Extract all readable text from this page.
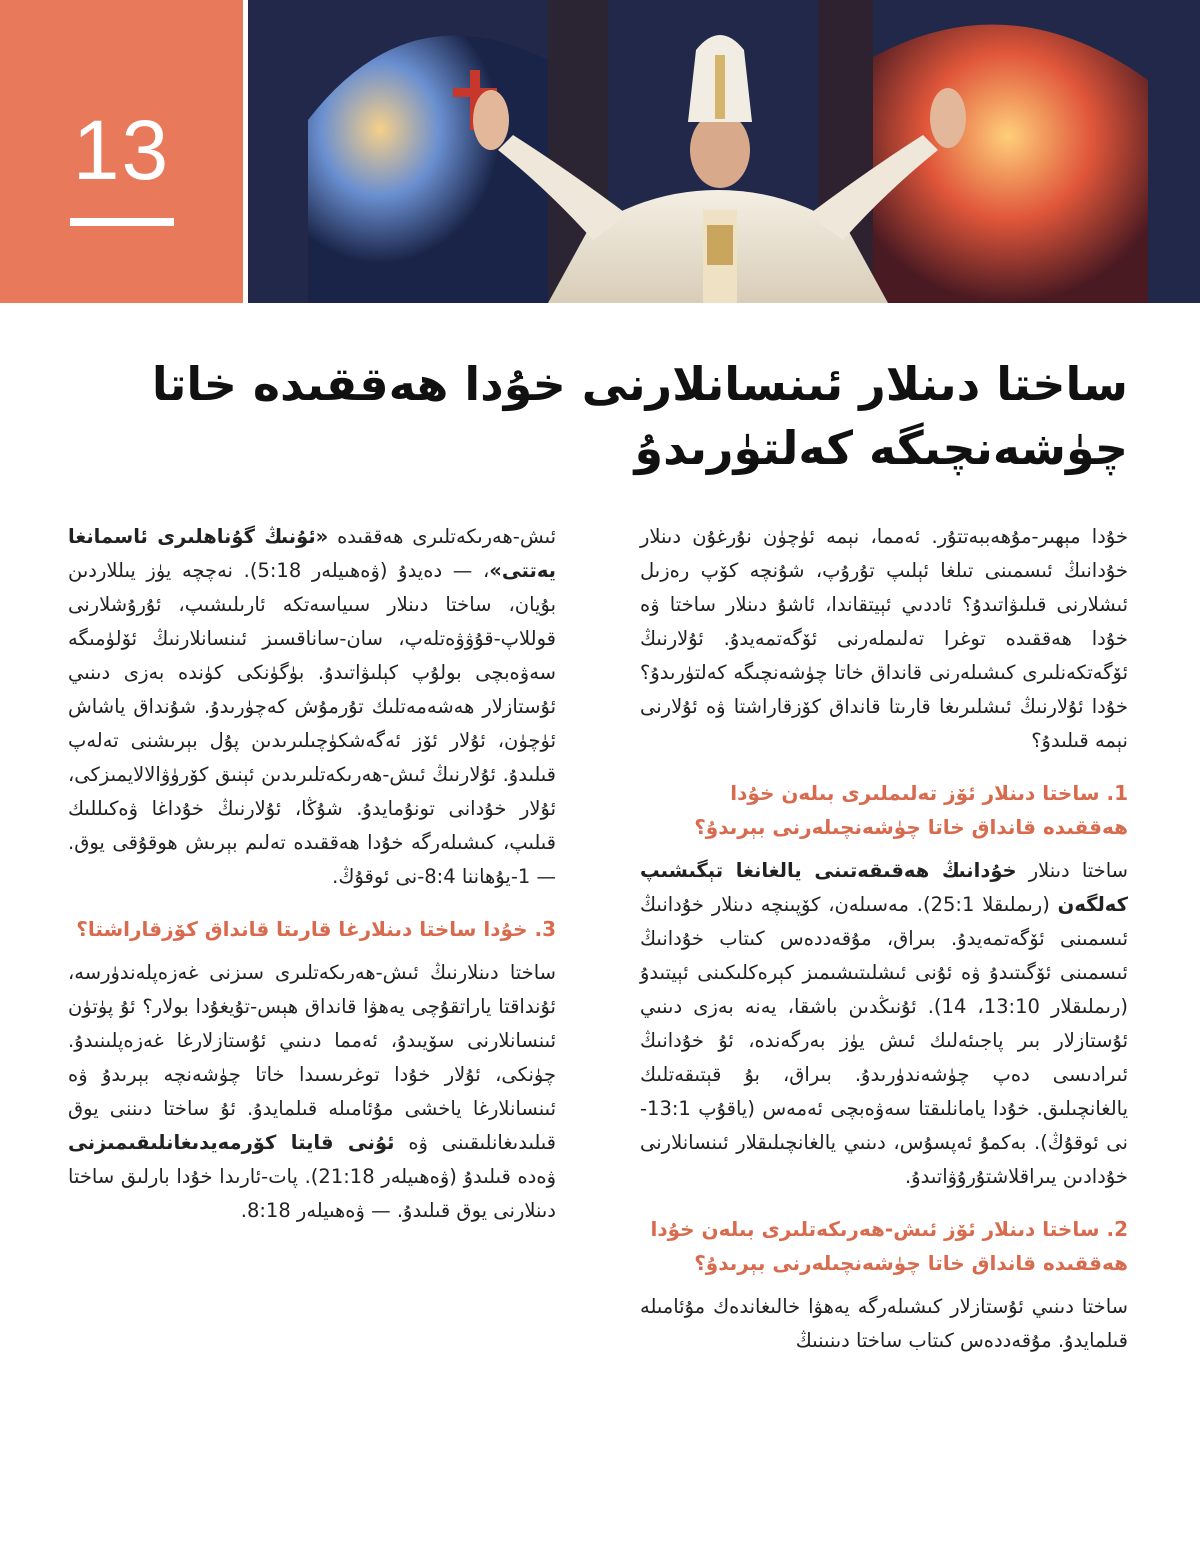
13
ساختا دىنلار ئىنسانلارنى خۇدا ھەققىدە خاتا چۈشەنچىگە كەلتۈرىدۇ

خۇدا مېھىر-مۇھەببەتتۇر. ئەمما، نېمە ئۈچۈن نۇرغۇن دىنلار خۇدانىڭ ئىسمىنى تىلغا ئېلىپ تۇرۇپ، شۇنچە كۆپ رەزىل ئىشلارنى قىلىۋاتىدۇ؟ ئاددىي ئېيتقاندا، ئاشۇ دىنلار ساختا ۋە خۇدا ھەققىدە توغرا تەلىملەرنى ئۆگەتمەيدۇ. ئۇلارنىڭ ئۆگەتكەنلىرى كىشىلەرنى قانداق خاتا چۈشەنچىگە كەلتۈرىدۇ؟ خۇدا ئۇلارنىڭ ئىشلىرىغا قارىتا قانداق كۆزقاراشتا ۋە ئۇلارنى نېمە قىلىدۇ؟

1. ساختا دىنلار ئۆز تەلىملىرى بىلەن خۇدا ھەققىدە قانداق خاتا چۈشەنچىلەرنى بېرىدۇ؟

ساختا دىنلار خۇدانىڭ ھەقىقەتىنى يالغانغا تېگىشىپ كەلگەن (رىملىقلا 25:1). مەسىلەن، كۆپىنچە دىنلار خۇدانىڭ ئىسمىنى ئۆگەتمەيدۇ. بىراق، مۇقەددەس كىتاب خۇدانىڭ ئىسمىنى ئۆگىتىدۇ ۋە ئۇنى ئىشلىتىشىمىز كېرەكلىكىنى ئېيتىدۇ (رىملىقلار 13:10، 14). ئۇنىڭدىن باشقا، يەنە بەزى دىنىي ئۇستازلار بىر پاجىئەلىك ئىش يۈز بەرگەندە، ئۇ خۇدانىڭ ئىرادىسى دەپ چۈشەندۈرىدۇ. بىراق، بۇ قېتىقەتلىك يالغانچىلىق. خۇدا يامانلىقتا سەۋەبچى ئەمەس (ياقۇپ 13:1-نى ئوقۇڭ). بەكمۇ ئەپسۇس، دىنىي يالغانچىلىقلار ئىنسانلارنى خۇدادىن يىراقلاشتۇرۇۋاتىدۇ.

2. ساختا دىنلار ئۆز ئىش-ھەرىكەتلىرى بىلەن خۇدا ھەققىدە قانداق خاتا چۈشەنچىلەرنى بېرىدۇ؟

ساختا دىنىي ئۇستازلار كىشىلەرگە يەھۋا خالىغاندەك مۇئامىلە قىلمايدۇ. مۇقەددەس كىتاب ساختا دىنىنىڭ

ئىش-ھەرىكەتلىرى ھەققىدە «ئۇنىڭ گۇناھلىرى ئاسمانغا يەتتى»، — دەيدۇ (ۋەھىيلەر 5:18). نەچچە يۈز يىللاردىن بۇيان، ساختا دىنلار سىياسەتكە ئارىلىشىپ، ئۇرۇشلارنى قوللاپ-قۇۋۋەتلەپ، سان-ساناقسىز ئىنسانلارنىڭ ئۆلۈمىگە سەۋەبچى بولۇپ كېلىۋاتىدۇ. بۈگۈنكى كۈندە بەزى دىنىي ئۇستازلار ھەشەمەتلىك تۇرمۇش كەچۈرىدۇ. شۇنداق ياشاش ئۈچۈن، ئۇلار ئۆز ئەگەشكۈچىلىرىدىن پۇل بېرىشنى تەلەپ قىلىدۇ. ئۇلارنىڭ ئىش-ھەرىكەتلىرىدىن ئېنىق كۆرۈۋالالايمىزكى، ئۇلار خۇدانى تونۇمايدۇ. شۇڭا، ئۇلارنىڭ خۇداغا ۋەكىللىك قىلىپ، كىشىلەرگە خۇدا ھەققىدە تەلىم بېرىش ھوقۇقى يوق. — 1-يۇھاننا 8:4-نى ئوقۇڭ.

3. خۇدا ساختا دىنلارغا قارىتا قانداق كۆزقاراشتا؟

ساختا دىنلارنىڭ ئىش-ھەرىكەتلىرى سىزنى غەزەپلەندۈرسە، ئۇنداقتا ياراتقۇچى يەھۋا قانداق ھېس-تۇيغۇدا بولار؟ ئۇ پۈتۈن ئىنسانلارنى سۆيىدۇ، ئەمما دىنىي ئۇستازلارغا غەزەپلىنىدۇ. چۈنكى، ئۇلار خۇدا توغرىسىدا خاتا چۈشەنچە بېرىدۇ ۋە ئىنسانلارغا ياخشى مۇئامىلە قىلمايدۇ. ئۇ ساختا دىننى يوق قىلىدىغانلىقىنى ۋە ئۇنى قايتا كۆرمەيدىغانلىقىمىزنى ۋەدە قىلىدۇ (ۋەھىيلەر 21:18). پات-ئارىدا خۇدا بارلىق ساختا دىنلارنى يوق قىلىدۇ. — ۋەھىيلەر 8:18.
